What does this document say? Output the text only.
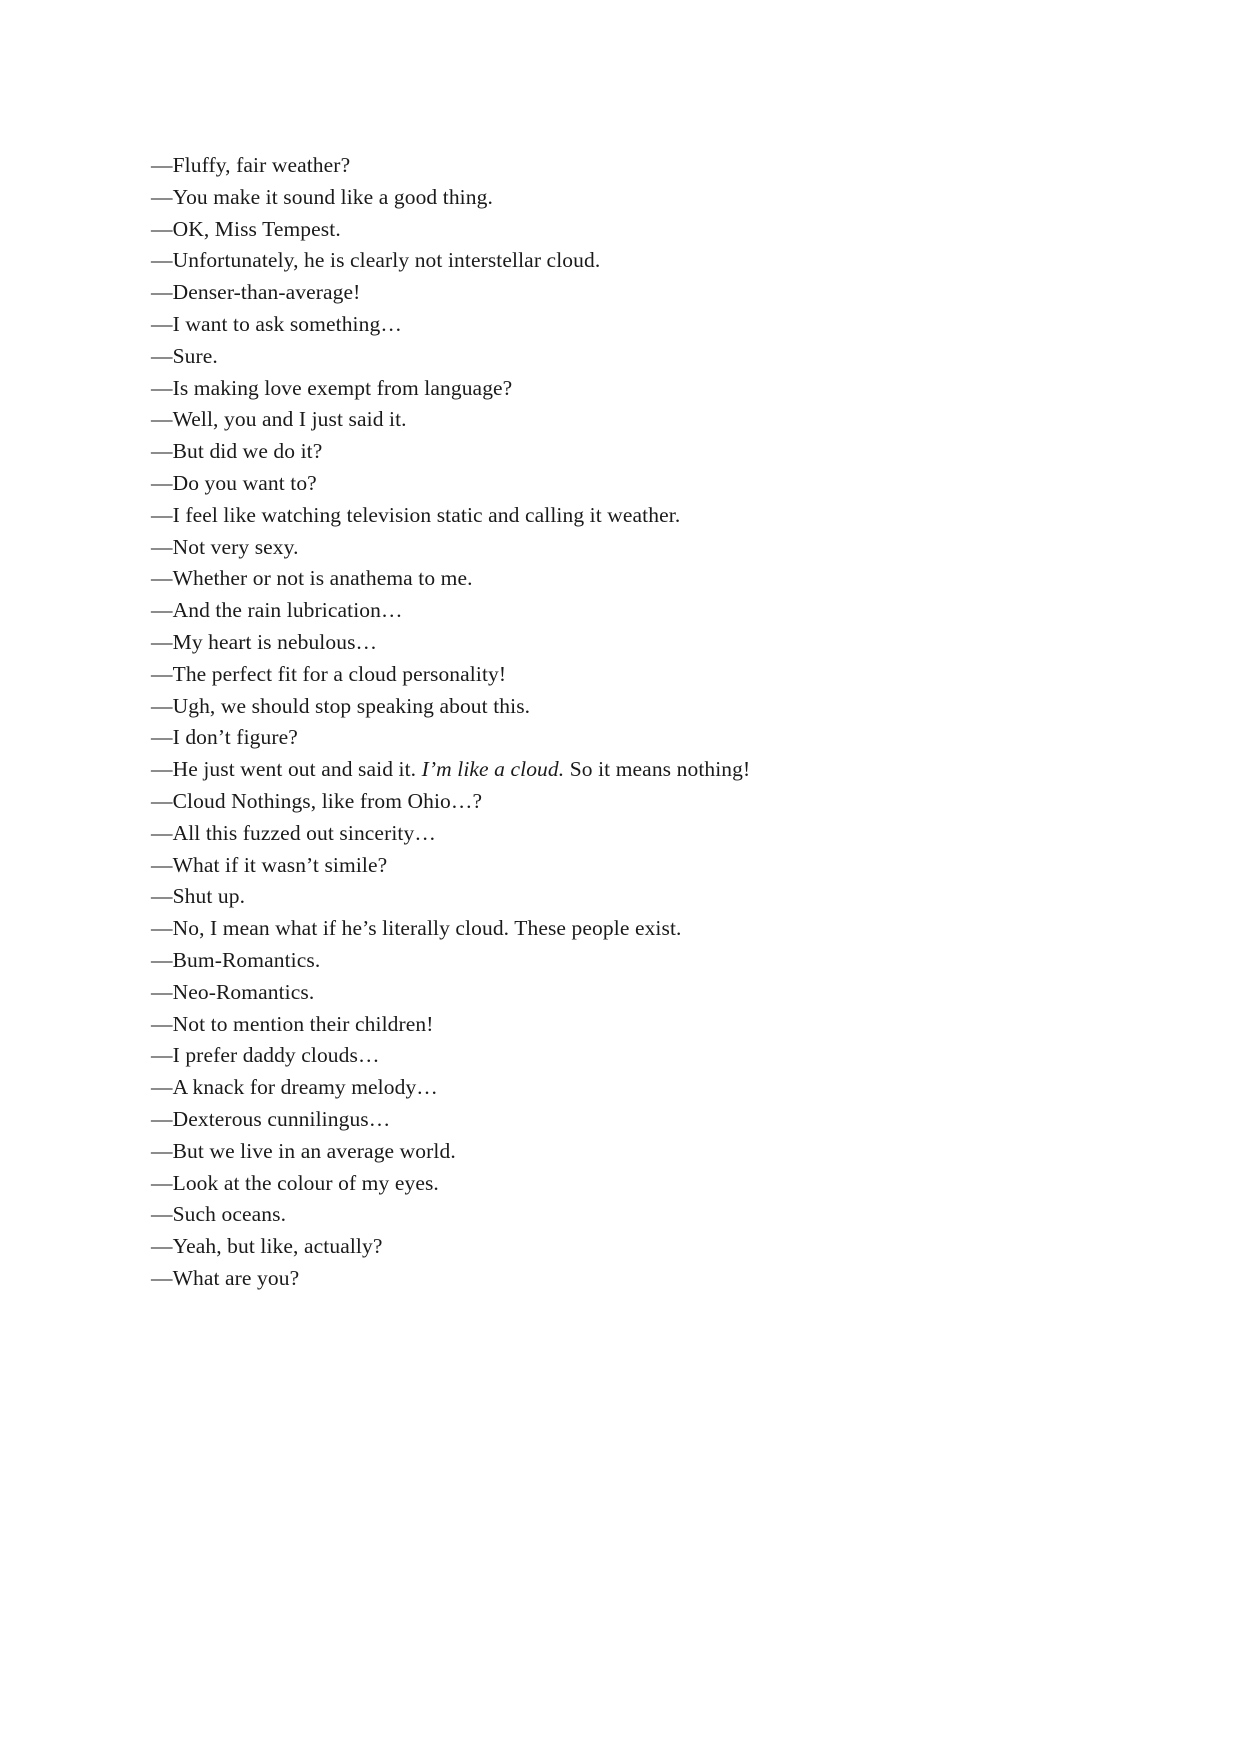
—Fluffy, fair weather?
—You make it sound like a good thing.
—OK, Miss Tempest.
—Unfortunately, he is clearly not interstellar cloud.
—Denser-than-average!
—I want to ask something…
—Sure.
—Is making love exempt from language?
—Well, you and I just said it.
—But did we do it?
—Do you want to?
—I feel like watching television static and calling it weather.
—Not very sexy.
—Whether or not is anathema to me.
—And the rain lubrication…
—My heart is nebulous…
—The perfect fit for a cloud personality!
—Ugh, we should stop speaking about this.
—I don’t figure?
—He just went out and said it. I’m like a cloud. So it means nothing!
—Cloud Nothings, like from Ohio…?
—All this fuzzed out sincerity…
—What if it wasn’t simile?
—Shut up.
—No, I mean what if he’s literally cloud. These people exist.
—Bum-Romantics.
—Neo-Romantics.
—Not to mention their children!
—I prefer daddy clouds…
—A knack for dreamy melody…
—Dexterous cunnilingus…
—But we live in an average world.
—Look at the colour of my eyes.
—Such oceans.
—Yeah, but like, actually?
—What are you?
